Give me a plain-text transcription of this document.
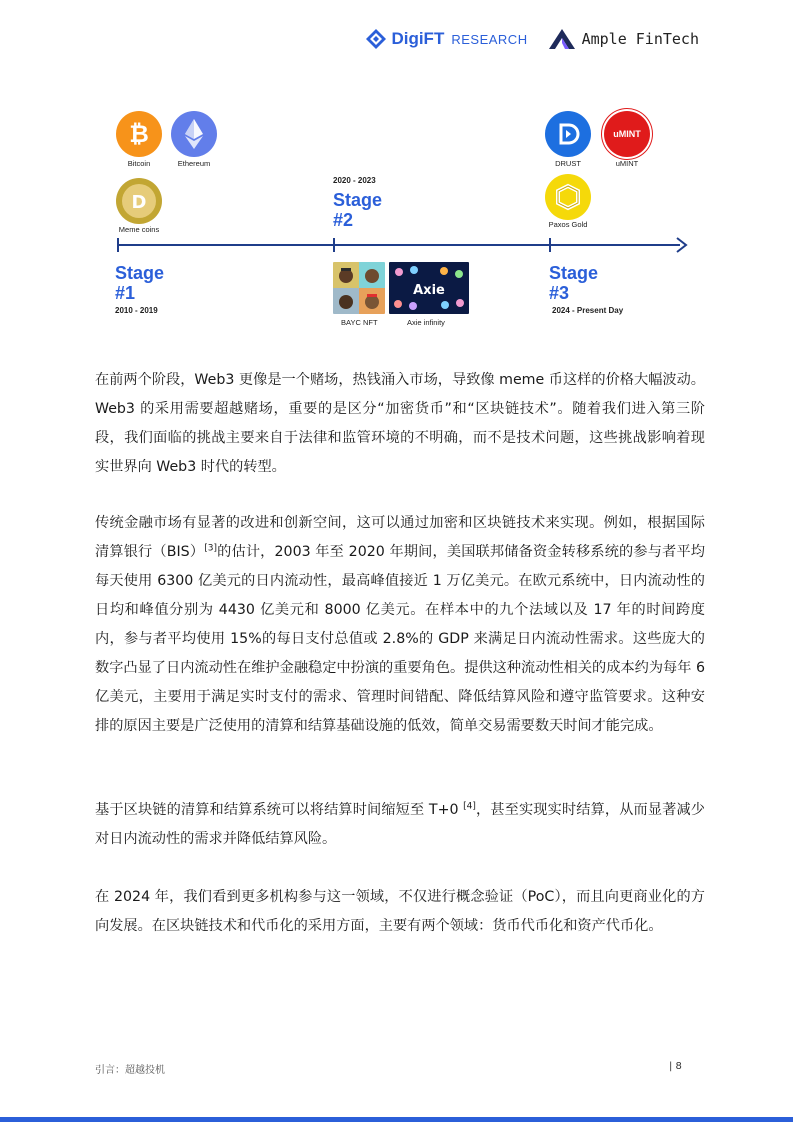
DigiFT RESEARCH	Ample FinTech
₿
Bitcoin	Ethereum
D
Meme coins
DRUST
uMINT
uMINT
Paxos Gold
2020 - 2023
Stage
#2
Stage
#1
2010 - 2019
Stage
#3
2024 - Present Day
BAYC NFT
Axie
Axie infinity

在前两个阶段，Web3 更像是一个赌场，热钱涌入市场，导致像 meme 币这样的价格大幅波动。Web3 的采用需要超越赌场，重要的是区分“加密货币”和“区块链技术”。随着我们进入第三阶段，我们面临的挑战主要来自于法律和监管环境的不明确，而不是技术问题，这些挑战影响着现实世界向 Web3 时代的转型。

传统金融市场有显著的改进和创新空间，这可以通过加密和区块链技术来实现。例如，根据国际清算银行（BIS）[3]的估计，2003 年至 2020 年期间，美国联邦储备资金转移系统的参与者平均每天使用 6300 亿美元的日内流动性，最高峰值接近 1 万亿美元。在欧元系统中，日内流动性的日均和峰值分别为 4430 亿美元和 8000 亿美元。在样本中的九个法域以及 17 年的时间跨度内，参与者平均使用 15%的每日支付总值或 2.8%的 GDP 来满足日内流动性需求。这些庞大的数字凸显了日内流动性在维护金融稳定中扮演的重要角色。提供这种流动性相关的成本约为每年 6 亿美元，主要用于满足实时支付的需求、管理时间错配、降低结算风险和遵守监管要求。这种安排的原因主要是广泛使用的清算和结算基础设施的低效，简单交易需要数天时间才能完成。

基于区块链的清算和结算系统可以将结算时间缩短至 T+0 [4]，甚至实现实时结算，从而显著减少对日内流动性的需求并降低结算风险。

在 2024 年，我们看到更多机构参与这一领域，不仅进行概念验证（PoC），而且向更商业化的方向发展。在区块链技术和代币化的采用方面，主要有两个领域：货币代币化和资产代币化。

引言：超越投机	| 8
